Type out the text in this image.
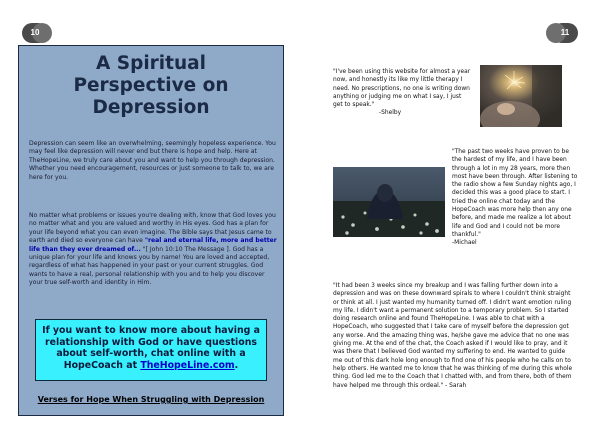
10	11
A Spiritual
Perspective on
Depression

Depression can seem like an overwhelming, seemingly hopeless experience. You may feel like depression will never end but there is hope and help. Here at TheHopeLine, we truly care about you and want to help you through depression. Whether you need encouragement, resources or just someone to talk to, we are here for you.

No matter what problems or issues you're dealing with, know that God loves you no matter what and you are valued and worthy in His eyes. God has a plan for your life beyond what you can even imagine. The Bible says that Jesus came to earth and died so everyone can have "real and eternal life, more and better life than they ever dreamed of... "[ John 10:10 The Message ]. God has a unique plan for your life and knows you by name! You are loved and accepted, regardless of what has happened in your past or your current struggles. God wants to have a real, personal relationship with you and to help you discover your true self-worth and identity in Him.

If you want to know more about having a relationship with God or have questions about self-worth, chat online with a HopeCoach at TheHopeLine.com.
Verses for Hope When Struggling with Depression

"I've been using this website for almost a year now, and honestly its like my little therapy I need. No prescriptions, no one is writing down anything or judging me on what I say, I just get to speak."
-Shelby

"The past two weeks have proven to be the hardest of my life, and I have been through a lot in my 28 years, more then most have been through. After listening to the radio show a few Sunday nights ago, I decided this was a good place to start. I tried the online chat today and the HopeCoach was more help then any one before, and made me realize a lot about life and God and I could not be more thankful."
-Michael

"It had been 3 weeks since my breakup and I was falling further down into a depression and was on these downward spirals to where I couldn't think straight or think at all. I just wanted my humanity turned off. I didn't want emotion ruling my life. I didn't want a permanent solution to a temporary problem. So I started doing research online and found TheHopeLine. I was able to chat with a HopeCoach, who suggested that I take care of myself before the depression got any worse. And the amazing thing was, he/she gave me advice that no one was giving me. At the end of the chat, the Coach asked if I would like to pray, and it was there that I believed God wanted my suffering to end. He wanted to guide me out of this dark hole long enough to find one of his people who he calls on to help others. He wanted me to know that he was thinking of me during this whole thing. God led me to the Coach that I chatted with, and from there, both of them have helped me through this ordeal." - Sarah
